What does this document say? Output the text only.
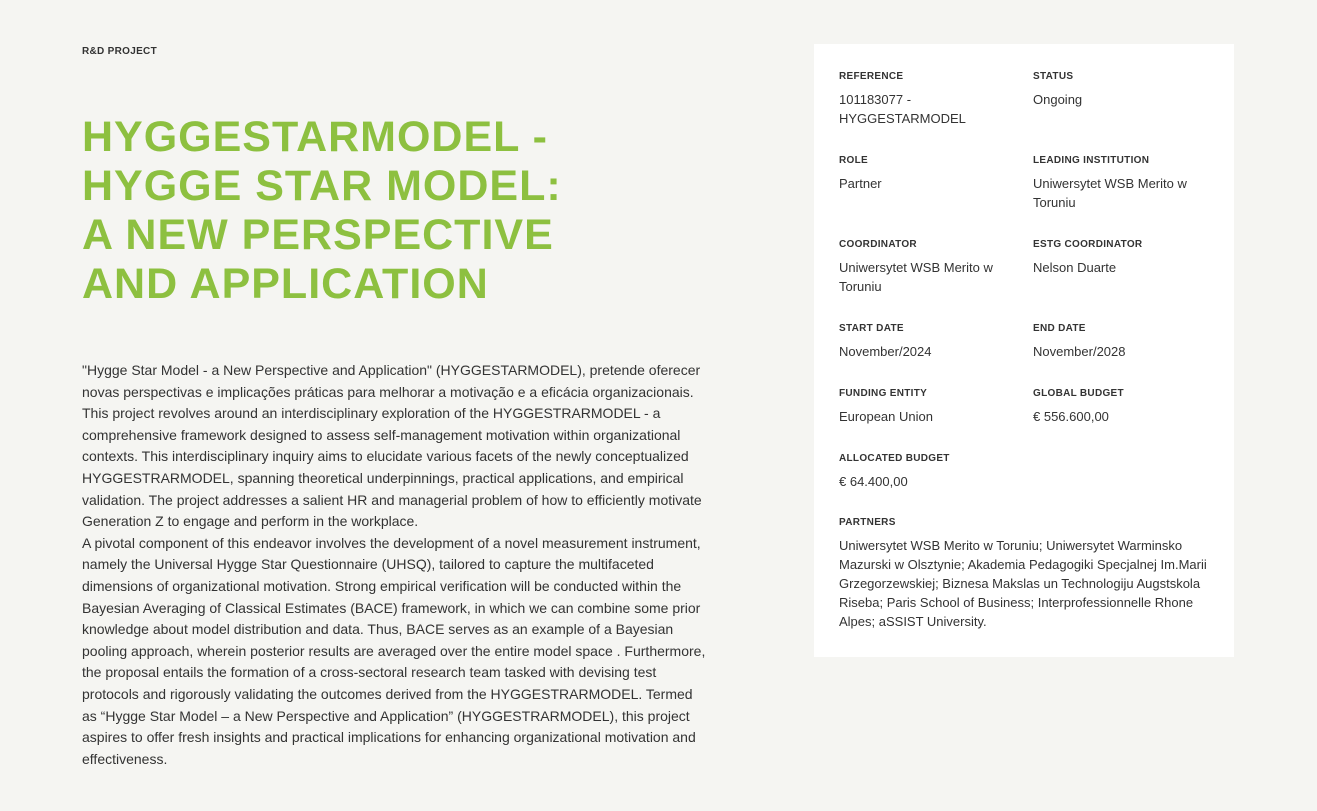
R&D PROJECT
HYGGESTARMODEL -
HYGGE STAR MODEL:
A NEW PERSPECTIVE
AND APPLICATION

"Hygge Star Model - a New Perspective and Application" (HYGGESTARMODEL), pretende oferecer novas perspectivas e implicações práticas para melhorar a motivação e a eficácia organizacionais.

This project revolves around an interdisciplinary exploration of the HYGGESTRARMODEL - a comprehensive framework designed to assess self-management motivation within organizational contexts. This interdisciplinary inquiry aims to elucidate various facets of the newly conceptualized HYGGESTRARMODEL, spanning theoretical underpinnings, practical applications, and empirical validation. The project addresses a salient HR and managerial problem of how to efficiently motivate Generation Z to engage and perform in the workplace.

A pivotal component of this endeavor involves the development of a novel measurement instrument, namely the Universal Hygge Star Questionnaire (UHSQ), tailored to capture the multifaceted dimensions of organizational motivation. Strong empirical verification will be conducted within the Bayesian Averaging of Classical Estimates (BACE) framework, in which we can combine some prior knowledge about model distribution and data. Thus, BACE serves as an example of a Bayesian pooling approach, wherein posterior results are averaged over the entire model space . Furthermore, the proposal entails the formation of a cross-sectoral research team tasked with devising test protocols and rigorously validating the outcomes derived from the HYGGESTRARMODEL. Termed as “Hygge Star Model – a New Perspective and Application” (HYGGESTRARMODEL), this project aspires to offer fresh insights and practical implications for enhancing organizational motivation and effectiveness.

REFERENCE
101183077 - HYGGESTARMODEL
STATUS
Ongoing
ROLE
Partner
LEADING INSTITUTION
Uniwersytet WSB Merito w Toruniu
COORDINATOR
Uniwersytet WSB Merito w Toruniu
ESTG COORDINATOR
Nelson Duarte
START DATE
November/2024
END DATE
November/2028
FUNDING ENTITY
European Union
GLOBAL BUDGET
€ 556.600,00
ALLOCATED BUDGET
€ 64.400,00
PARTNERS
Uniwersytet WSB Merito w Toruniu; Uniwersytet Warminsko Mazurski w Olsztynie; Akademia Pedagogiki Specjalnej Im.Marii Grzegorzewskiej; Biznesa Makslas un Technologiju Augstskola Riseba; Paris School of Business; Interprofessionnelle Rhone Alpes; aSSIST University.
